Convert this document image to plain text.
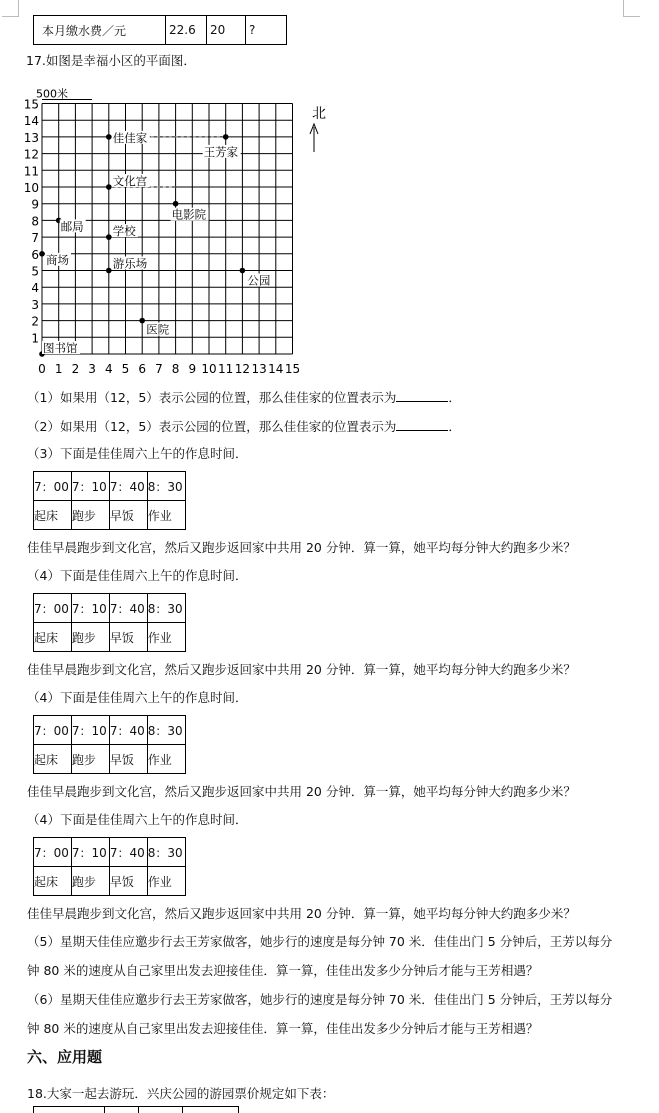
本月缴水费／元	22.6	20	?
17.如图是幸福小区的平面图．
0 1 2 3 4 5 6 7 8 9 10 11 12 13 14 15
1
2
3
4
5
6
7
8
9
10
11
12
13
14
15
500米
北
佳佳家
王芳家
文化宫
电影院
邮局	学校
商场	游乐场
公园
医院
图书馆
（1）如果用（12，5）表示公园的位置，那么佳佳家的位置表示为	．
（2）如果用（12，5）表示公园的位置，那么佳佳家的位置表示为	．
（3）下面是佳佳周六上午的作息时间．
7：00	7：10	7：40	8：30
起床	跑步	早饭	作业
佳佳早晨跑步到文化宫，然后又跑步返回家中共用 20 分钟．算一算，她平均每分钟大约跑多少米？
（4）下面是佳佳周六上午的作息时间．
7：00	7：10	7：40	8：30
起床	跑步	早饭	作业
佳佳早晨跑步到文化宫，然后又跑步返回家中共用 20 分钟．算一算，她平均每分钟大约跑多少米？
（4）下面是佳佳周六上午的作息时间．
7：00	7：10	7：40	8：30
起床	跑步	早饭	作业
佳佳早晨跑步到文化宫，然后又跑步返回家中共用 20 分钟．算一算，她平均每分钟大约跑多少米？
（4）下面是佳佳周六上午的作息时间．
7：00	7：10	7：40	8：30
起床	跑步	早饭	作业
佳佳早晨跑步到文化宫，然后又跑步返回家中共用 20 分钟．算一算，她平均每分钟大约跑多少米？
（5）星期天佳佳应邀步行去王芳家做客，她步行的速度是每分钟 70 米．佳佳出门 5 分钟后，王芳以每分
钟 80 米的速度从自己家里出发去迎接佳佳．算一算，佳佳出发多少分钟后才能与王芳相遇？
（6）星期天佳佳应邀步行去王芳家做客，她步行的速度是每分钟 70 米．佳佳出门 5 分钟后，王芳以每分
钟 80 米的速度从自己家里出发去迎接佳佳．算一算，佳佳出发多少分钟后才能与王芳相遇？
六、应用题
18.大家一起去游玩．兴庆公园的游园票价规定如下表：
